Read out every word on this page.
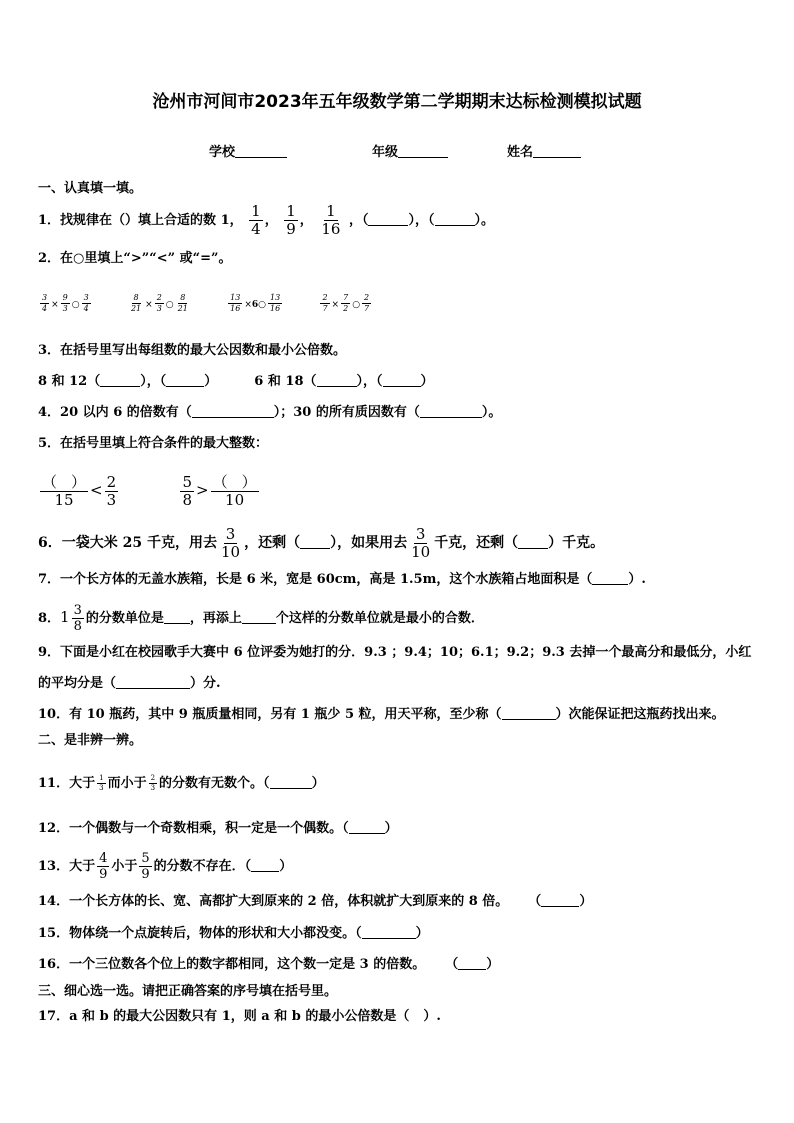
沧州市河间市2023年五年级数学第二学期期末达标检测模拟试题
学校	年级	姓名
一、认真填一填。
1．找规律在（）填上合适的数 1， $\frac{1}{4}$ ， $\frac{1}{9}$ ， $\frac{1}{16}$ ，（	），（	）。
2．在○里填上“>”“<” 或“=”。
$\frac{3}{4} \times \frac{9}{3}$ ○ $\frac{3}{4}$
	$\frac{8}{21} \times \frac{2}{3}$ ○ $\frac{8}{21}$
	$\frac{13}{16}$ ×6○ $\frac{13}{16}$
	$\frac{2}{7} \times \frac{7}{2}$ ○ $\frac{2}{7}$
3．在括号里写出每组数的最大公因数和最小公倍数。
8 和 12（	），（	）	6 和 18（	），（	）
4．20 以内 6 的倍数有（	）；30 的所有质因数有（	）。
5．在括号里填上符合条件的最大整数：
（ ）
15
< $\frac{2}{3}$
	$\frac{5}{8}$ > （ ）
10
6．一袋大米 25 千克，用去 $\frac{3}{10}$ ，还剩（ ），如果用去 $\frac{3}{10}$ 千克，还剩（ ）千克。
7．一个长方体的无盖水族箱，长是 6 米，宽是 60cm，高是 1.5m，这个水族箱占地面积是（	）.
8．$1 \frac{3}{8}$ 的分数单位是 ，再添上	个这样的分数单位就是最小的合数．
9．下面是小红在校园歌手大赛中 6 位评委为她打的分．9.3 ；9.4；10；6.1；9.2；9.3 去掉一个最高分和最低分，小红
的平均分是（	）分.
10．有 10 瓶药，其中 9 瓶质量相同，另有 1 瓶少 5 粒，用天平称，至少称（	）次能保证把这瓶药找出来。
二、是非辨一辨。
11．大于 $\frac{1}{3}$ 而小于 $\frac{2}{3}$ 的分数有无数个。（	）
12．一个偶数与一个奇数相乘，积一定是一个偶数。（	）
13．大于 $\frac{4}{9}$ 小于 $\frac{5}{9}$ 的分数不存在．（ ）
14．一个长方体的长、宽、高都扩大到原来的 2 倍，体积就扩大到原来的 8 倍。 （	）
15．物体绕一个点旋转后，物体的形状和大小都没变。（	）
16．一个三位数各个位上的数字都相同，这个数一定是 3 的倍数。 （ ）
三、细心选一选。请把正确答案的序号填在括号里。
17．a 和 b 的最大公因数只有 1，则 a 和 b 的最小公倍数是（ ）.
